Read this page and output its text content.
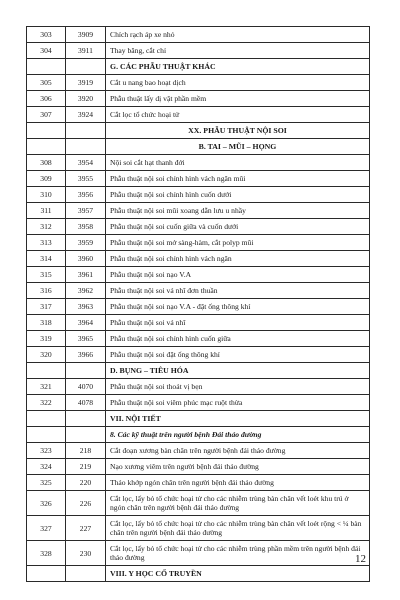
303	3909	Chích rạch áp xe nhỏ
304	3911	Thay băng, cắt chỉ
		G. CÁC PHẪU THUẬT KHÁC
305	3919	Cắt u nang bao hoạt dịch
306	3920	Phẫu thuật lấy dị vật phần mềm
307	3924	Cắt lọc tổ chức hoại tử
		XX. PHẪU THUẬT NỘI SOI
		B. TAI – MŨI – HỌNG
308	3954	Nội soi cắt hạt thanh đới
309	3955	Phẫu thuật nội soi chỉnh hình vách ngăn mũi
310	3956	Phẫu thuật nội soi chỉnh hình cuốn dưới
311	3957	Phẫu thuật nội soi mũi xoang dẫn lưu u nhầy
312	3958	Phẫu thuật nội soi cuốn giữa và cuốn dưới
313	3959	Phẫu thuật nội soi mở sàng-hàm, cắt polyp mũi
314	3960	Phẫu thuật nội soi chỉnh hình vách ngăn
315	3961	Phẫu thuật nội soi nạo V.A
316	3962	Phẫu thuật nội soi vá nhĩ đơn thuần
317	3963	Phẫu thuật nội soi nạo V.A - đặt ống thông khí
318	3964	Phẫu thuật nội soi vá nhĩ
319	3965	Phẫu thuật nội soi chỉnh hình cuốn giữa
320	3966	Phẫu thuật nội soi đặt ống thông khí
		D. BỤNG – TIÊU HÓA
321	4070	Phẫu thuật nội soi thoát vị bẹn
322	4078	Phẫu thuật nội soi viêm phúc mạc ruột thừa
		VII. NỘI TIẾT
		8. Các kỹ thuật trên người bệnh Đái tháo đường
323	218	Cắt đoạn xương bàn chân trên người bệnh đái tháo đường
324	219	Nạo xương viêm trên người bệnh đái tháo đường
325	220	Tháo khớp ngón chân trên người bệnh đái tháo đường
326	226	Cắt lọc, lấy bỏ tổ chức hoại tử cho các nhiễm trùng bàn chân vết loét khu trú ở ngón chân trên người bệnh đái tháo đường
327	227	Cắt lọc, lấy bỏ tổ chức hoại tử cho các nhiễm trùng bàn chân vết loét rộng < ¼ bàn chân trên người bệnh đái tháo đường
328	230	Cắt lọc, lấy bỏ tổ chức hoại tử cho các nhiễm trùng phần mềm trên người bệnh đái tháo đường
		VIII. Y HỌC CỔ TRUYỀN
12
